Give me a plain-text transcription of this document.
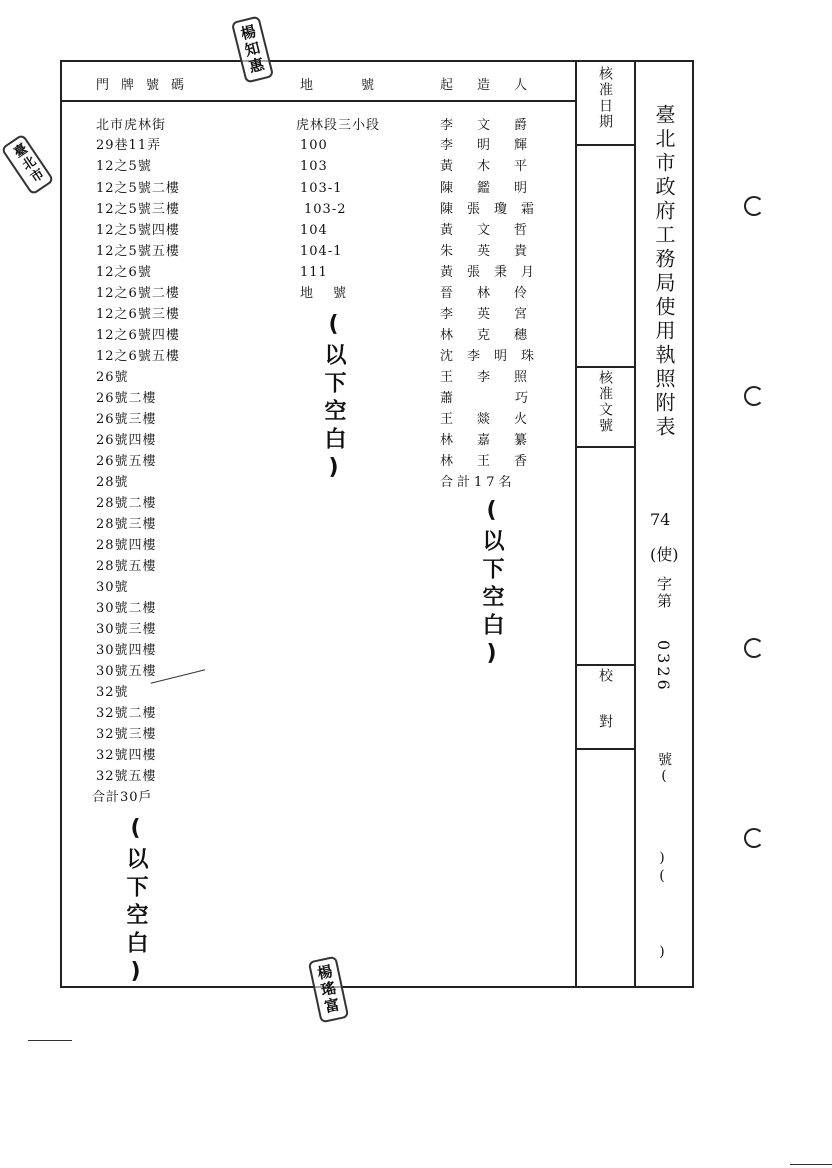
門牌號碼	地號 起造人
北市虎林街
29巷11弄
12之5號
12之5號二樓
12之5號三樓
12之5號四樓
12之5號五樓
12之6號
12之6號二樓
12之6號三樓
12之6號四樓
12之6號五樓
26號
26號二樓
26號三樓
26號四樓
26號五樓
28號
28號二樓
28號三樓
28號四樓
28號五樓
30號
30號二樓
30號三樓
30號四樓
30號五樓
32號
32號二樓
32號三樓
32號四樓
32號五樓
合計30戶
虎林段三小段
100
103
103-1
103-2
104
104-1
111
地號
李文爵
李明輝
黃木平
陳鑑明
陳張瓊霜
黃文哲
朱英貴
黃張秉月
晉林伶
李英宮
林克穗
沈李明珠
王李照
蕭巧
王燚火
林嘉纂
林王香
合計17名
(以下空白)
(以下空白)
(以下空白)
核准日期
核准文號
校對
臺北市政府工務局使用執照附表
74
(使)
字第
0326
號(
)(
)
楊知惠
楊瑤富
臺北市
